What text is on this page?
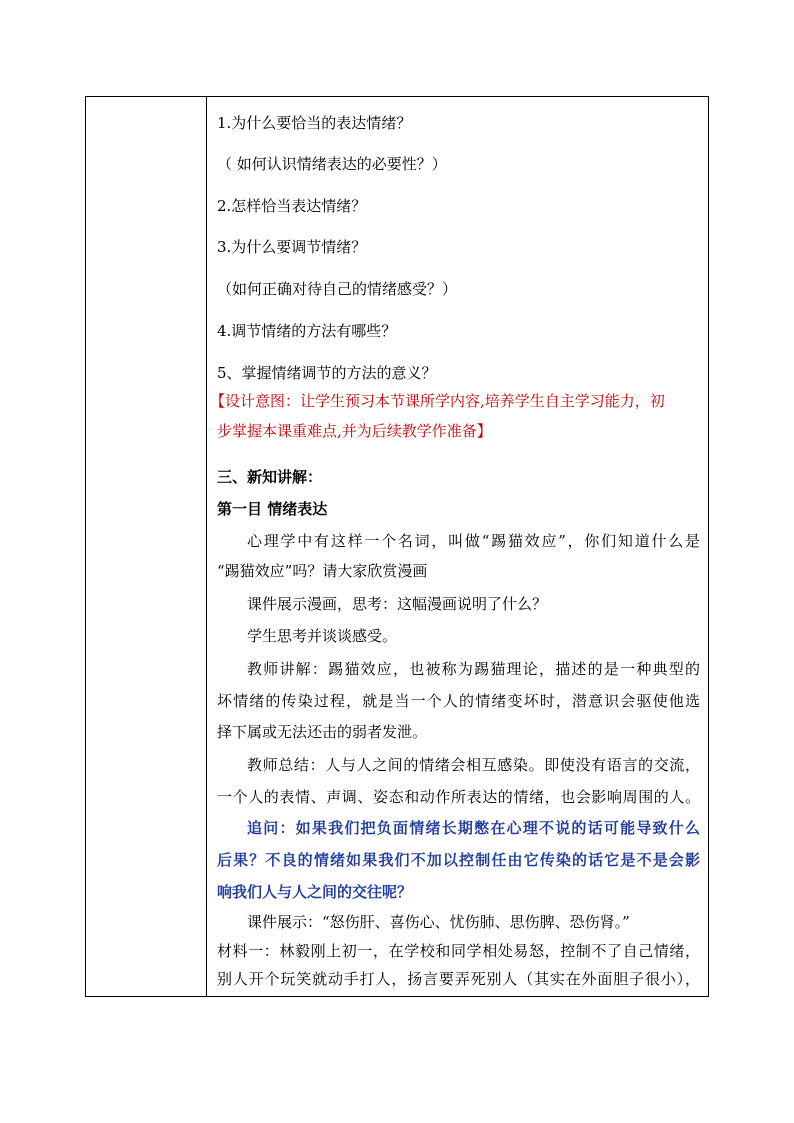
1.为什么要恰当的表达情绪？
（ 如何认识情绪表达的必要性？）
2.怎样恰当表达情绪？
3.为什么要调节情绪？
（如何正确对待自己的情绪感受？）
4.调节情绪的方法有哪些？
5、掌握情绪调节的方法的意义？
【设计意图：让学生预习本节课所学内容,培养学生自主学习能力，初
步掌握本课重难点,并为后续教学作准备】
三、新知讲解：
第一目 情绪表达
心理学中有这样一个名词，叫做“踢猫效应”，你们知道什么是
“踢猫效应”吗？请大家欣赏漫画
课件展示漫画，思考：这幅漫画说明了什么？
学生思考并谈谈感受。
教师讲解：踢猫效应，也被称为踢猫理论，描述的是一种典型的
坏情绪的传染过程，就是当一个人的情绪变坏时，潜意识会驱使他选
择下属或无法还击的弱者发泄。
教师总结：人与人之间的情绪会相互感染。即使没有语言的交流，
一个人的表情、声调、姿态和动作所表达的情绪，也会影响周围的人。
追问：如果我们把负面情绪长期憋在心理不说的话可能导致什么
后果？不良的情绪如果我们不加以控制任由它传染的话它是不是会影
响我们人与人之间的交往呢？
课件展示：“怒伤肝、喜伤心、忧伤肺、思伤脾、恐伤肾。”
材料一：林毅刚上初一，在学校和同学相处易怒，控制不了自己情绪，
别人开个玩笑就动手打人，扬言要弄死别人（其实在外面胆子很小），
